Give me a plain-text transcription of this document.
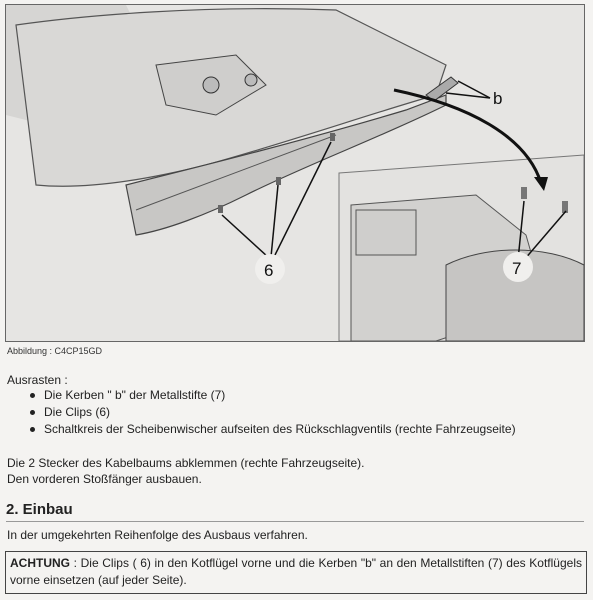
b
6	7
Abbildung : C4CP15GD
Ausrasten :
Die Kerben " b" der Metallstifte (7)
Die Clips (6)
Schaltkreis der Scheibenwischer aufseiten des Rückschlagventils (rechte Fahrzeugseite)
Die 2 Stecker des Kabelbaums abklemmen (rechte Fahrzeugseite).
Den vorderen Stoßfänger ausbauen.
2. Einbau
In der umgekehrten Reihenfolge des Ausbaus verfahren.
ACHTUNG : Die Clips ( 6) in den Kotflügel vorne und die Kerben "b" an den Metallstiften (7) des Kotflügels vorne einsetzen (auf jeder Seite).
